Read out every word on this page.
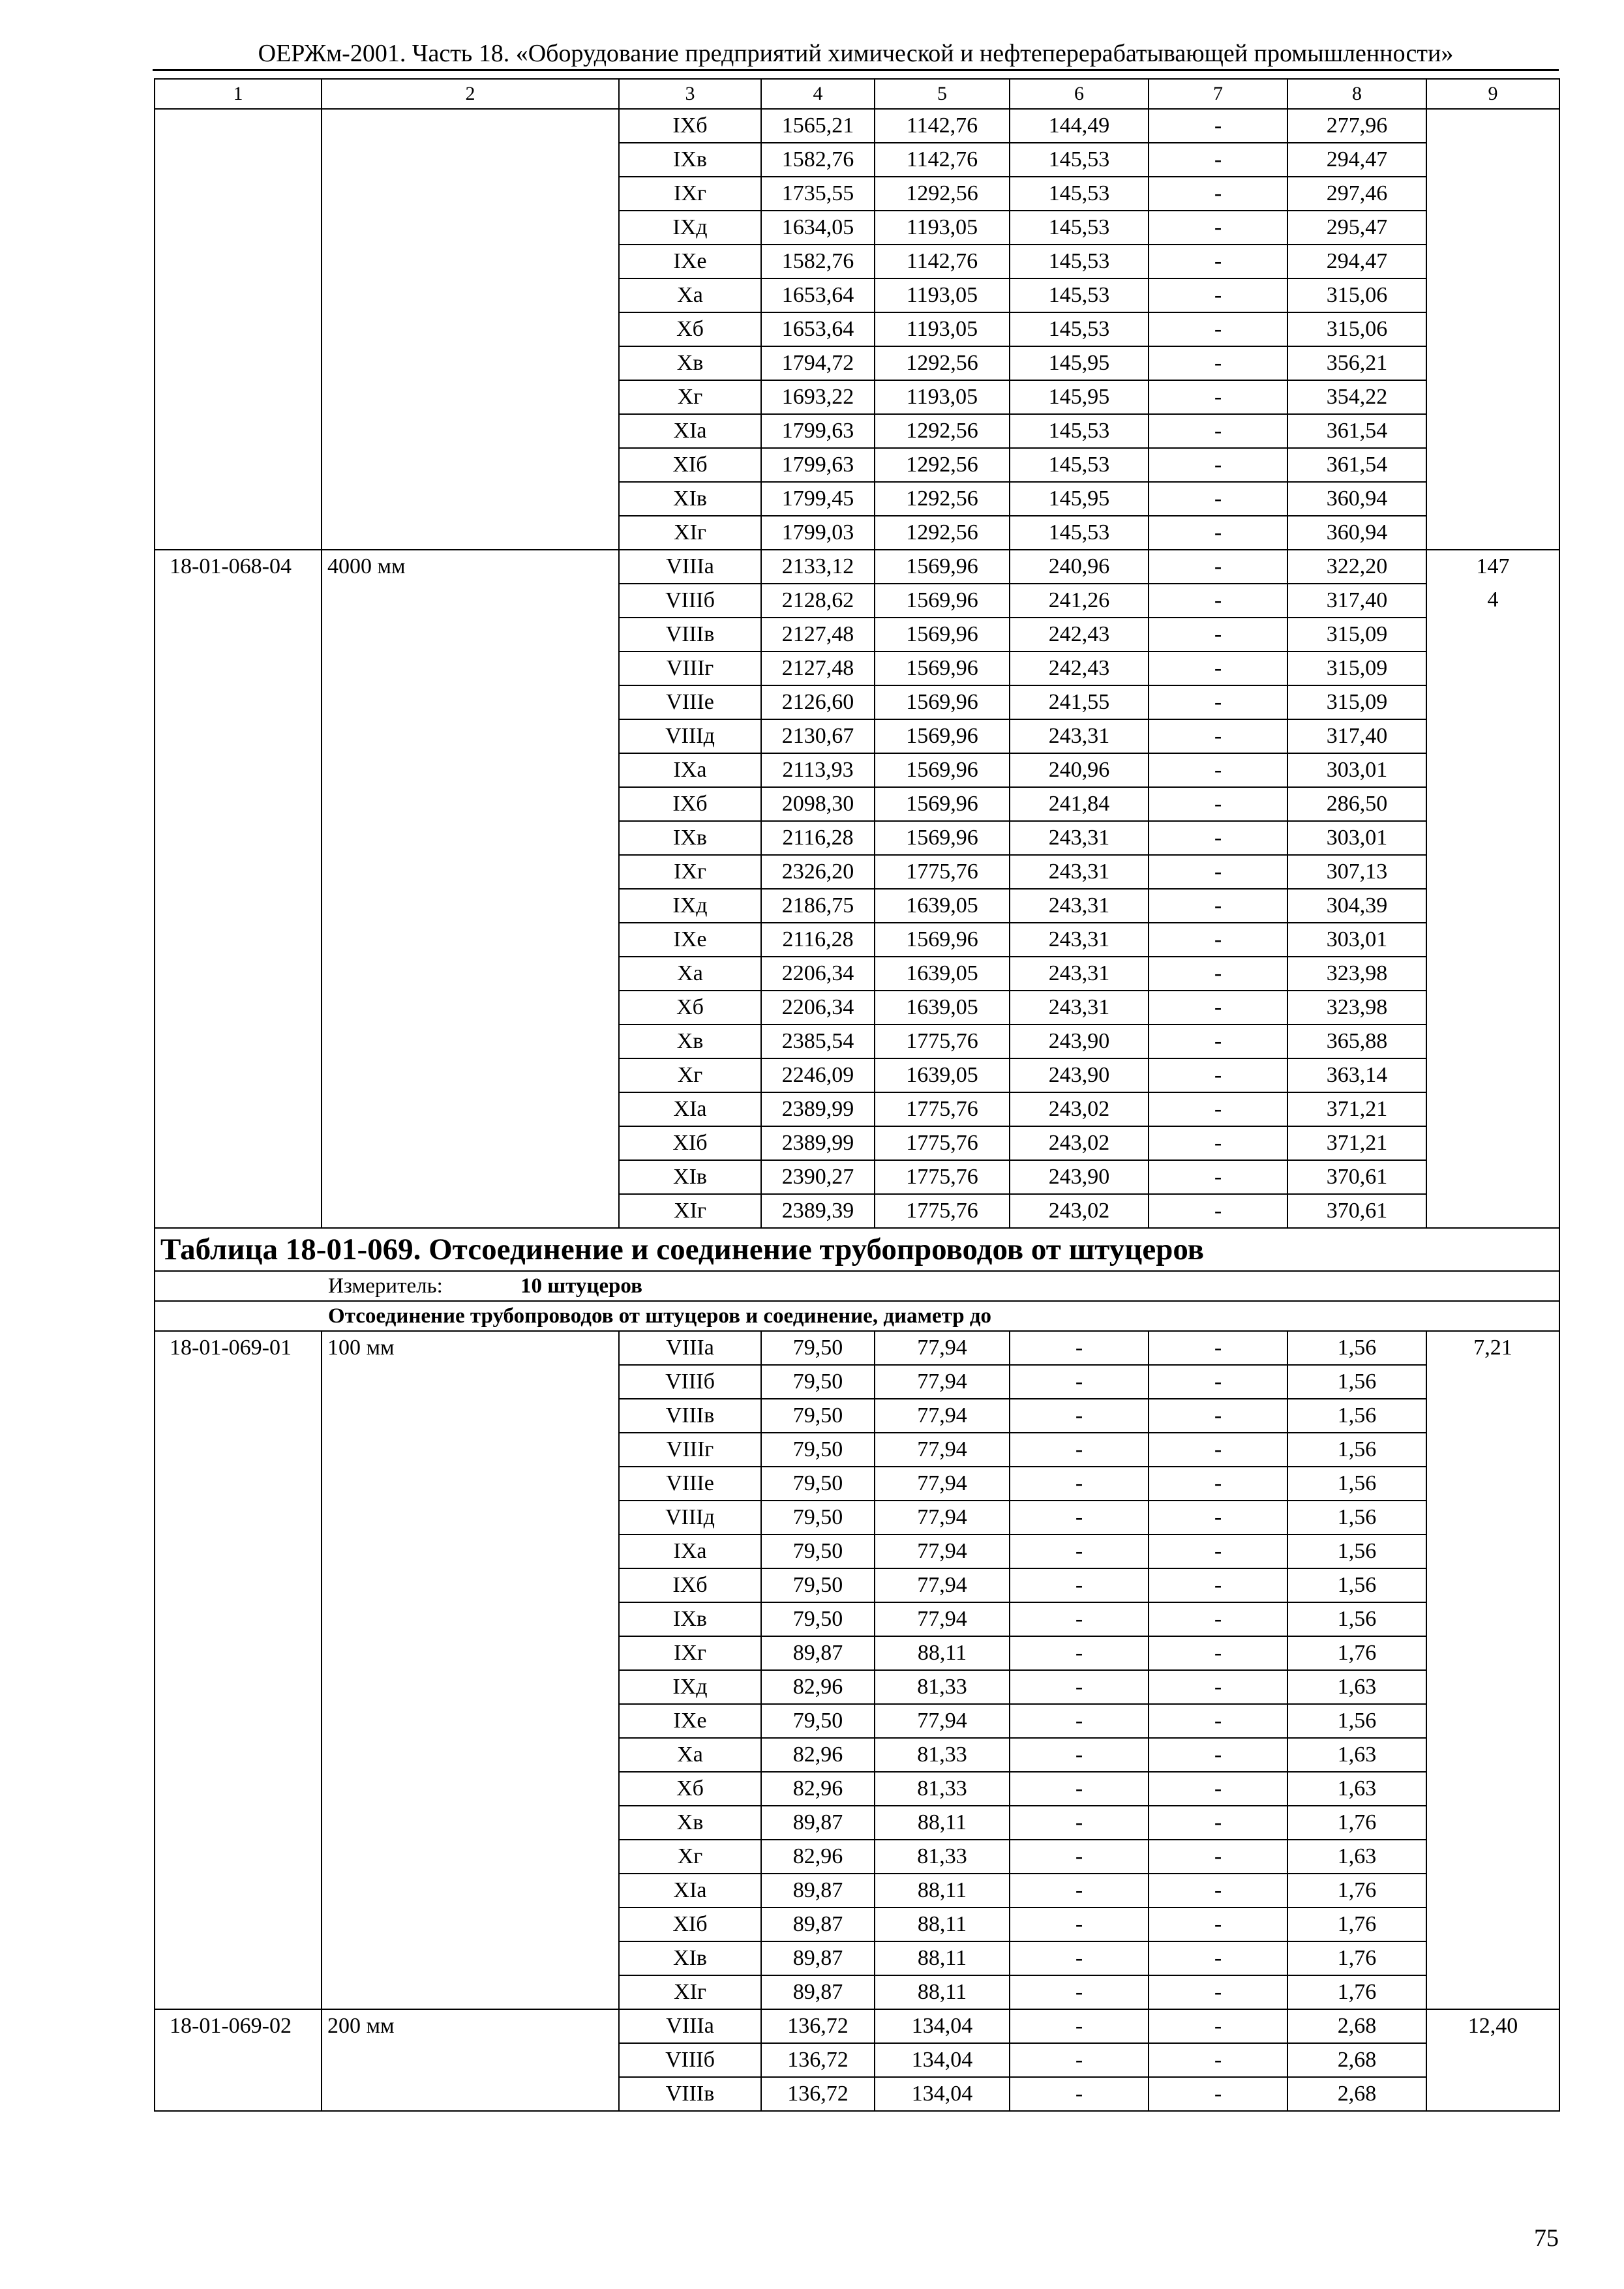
ОЕРЖм-2001. Часть 18. «Оборудование предприятий химической и нефтеперерабатывающей промышленности»
1	2	3	4	5	6	7	8	9
		IXб	1565,21	1142,76	144,49	-	277,96	
		IXв	1582,76	1142,76	145,53	-	294,47	
		IXг	1735,55	1292,56	145,53	-	297,46	
		IXд	1634,05	1193,05	145,53	-	295,47	
		IXе	1582,76	1142,76	145,53	-	294,47	
		Xа	1653,64	1193,05	145,53	-	315,06	
		Xб	1653,64	1193,05	145,53	-	315,06	
		Xв	1794,72	1292,56	145,95	-	356,21	
		Xг	1693,22	1193,05	145,95	-	354,22	
		XIа	1799,63	1292,56	145,53	-	361,54	
		XIб	1799,63	1292,56	145,53	-	361,54	
		XIв	1799,45	1292,56	145,95	-	360,94	
		XIг	1799,03	1292,56	145,53	-	360,94	
18-01-068-04	4000 мм	VIIIа	2133,12	1569,96	240,96	-	322,20	147
		VIIIб	2128,62	1569,96	241,26	-	317,40	4
		VIIIв	2127,48	1569,96	242,43	-	315,09	
		VIIIг	2127,48	1569,96	242,43	-	315,09	
		VIIIе	2126,60	1569,96	241,55	-	315,09	
		VIIIд	2130,67	1569,96	243,31	-	317,40	
		IXа	2113,93	1569,96	240,96	-	303,01	
		IXб	2098,30	1569,96	241,84	-	286,50	
		IXв	2116,28	1569,96	243,31	-	303,01	
		IXг	2326,20	1775,76	243,31	-	307,13	
		IXд	2186,75	1639,05	243,31	-	304,39	
		IXе	2116,28	1569,96	243,31	-	303,01	
		Xа	2206,34	1639,05	243,31	-	323,98	
		Xб	2206,34	1639,05	243,31	-	323,98	
		Xв	2385,54	1775,76	243,90	-	365,88	
		Xг	2246,09	1639,05	243,90	-	363,14	
		XIа	2389,99	1775,76	243,02	-	371,21	
		XIб	2389,99	1775,76	243,02	-	371,21	
		XIв	2390,27	1775,76	243,90	-	370,61	
		XIг	2389,39	1775,76	243,02	-	370,61	
Таблица 18-01-069. Отсоединение и соединение трубопроводов от штуцеров								
Измеритель: 10 штуцеров								
Отсоединение трубопроводов от штуцеров и соединение, диаметр до								
18-01-069-01	100 мм	VIIIа	79,50	77,94	-	-	1,56	7,21
		VIIIб	79,50	77,94	-	-	1,56	
		VIIIв	79,50	77,94	-	-	1,56	
		VIIIг	79,50	77,94	-	-	1,56	
		VIIIе	79,50	77,94	-	-	1,56	
		VIIIд	79,50	77,94	-	-	1,56	
		IXа	79,50	77,94	-	-	1,56	
		IXб	79,50	77,94	-	-	1,56	
		IXв	79,50	77,94	-	-	1,56	
		IXг	89,87	88,11	-	-	1,76	
		IXд	82,96	81,33	-	-	1,63	
		IXе	79,50	77,94	-	-	1,56	
		Xа	82,96	81,33	-	-	1,63	
		Xб	82,96	81,33	-	-	1,63	
		Xв	89,87	88,11	-	-	1,76	
		Xг	82,96	81,33	-	-	1,63	
		XIа	89,87	88,11	-	-	1,76	
		XIб	89,87	88,11	-	-	1,76	
		XIв	89,87	88,11	-	-	1,76	
		XIг	89,87	88,11	-	-	1,76	
18-01-069-02	200 мм	VIIIа	136,72	134,04	-	-	2,68	12,40
		VIIIб	136,72	134,04	-	-	2,68	
		VIIIв	136,72	134,04	-	-	2,68	
75
